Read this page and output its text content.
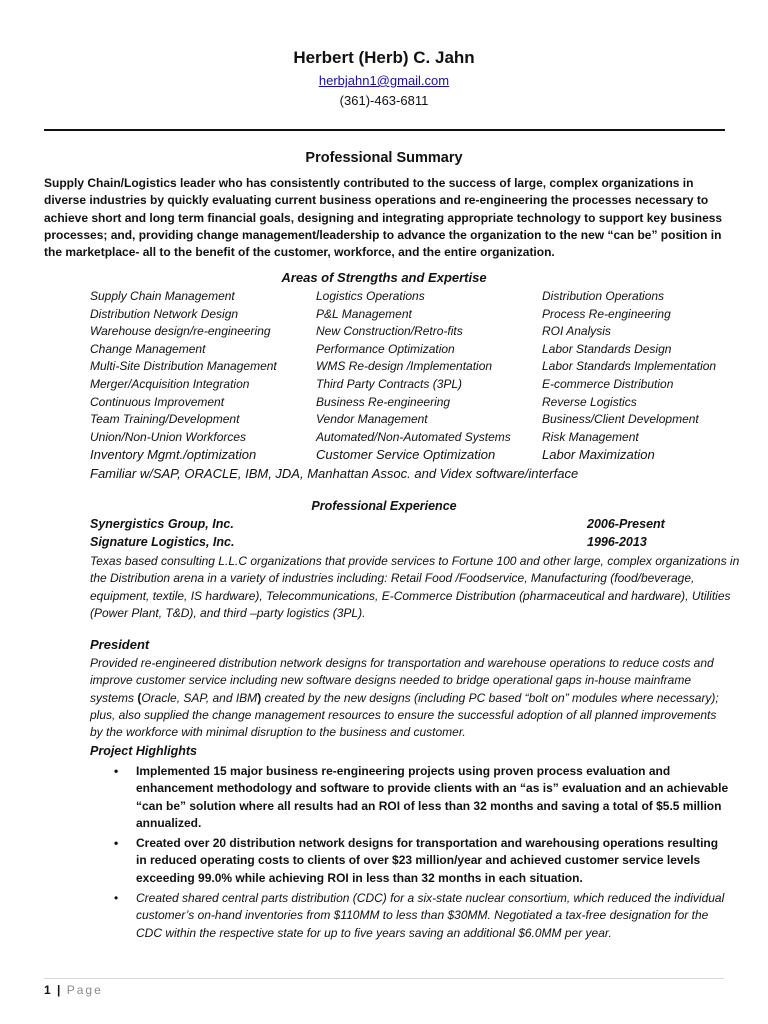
Herbert (Herb) C. Jahn
herbjahn1@gmail.com
(361)-463-6811
Professional Summary

Supply Chain/Logistics leader who has consistently contributed to the success of large, complex organizations in diverse industries by quickly evaluating current business operations and re-engineering the processes necessary to achieve short and long term financial goals, designing and integrating appropriate technology to support key business processes; and, providing change management/leadership to advance the organization to the new “can be” position in the marketplace- all to the benefit of the customer, workforce, and the entire organization.

Areas of Strengths and Expertise
Supply Chain Management	Logistics Operations	Distribution Operations
Distribution Network Design	P&L Management	Process Re-engineering
Warehouse design/re-engineering	New Construction/Retro-fits	ROI Analysis
Change Management	Performance Optimization	Labor Standards Design
Multi-Site Distribution Management	WMS Re-design /Implementation	Labor Standards Implementation
Merger/Acquisition Integration	Third Party Contracts (3PL)	E-commerce Distribution
Continuous Improvement	Business Re-engineering	Reverse Logistics
Team Training/Development	Vendor Management	Business/Client Development
Union/Non-Union Workforces	Automated/Non-Automated Systems	Risk Management
Inventory Mgmt./optimization	Customer Service Optimization	Labor Maximization
Familiar w/SAP, ORACLE, IBM, JDA, Manhattan Assoc. and Videx software/interface
Professional Experience
Synergistics Group, Inc.	2006-Present
Signature Logistics, Inc.	1996-2013

Texas based consulting L.L.C organizations that provide services to Fortune 100 and other large, complex organizations in the Distribution arena in a variety of industries including: Retail Food /Foodservice, Manufacturing (food/beverage, equipment, textile, IS hardware), Telecommunications, E-Commerce Distribution (pharmaceutical and hardware), Utilities (Power Plant, T&D), and third –party logistics (3PL).

President

Provided re-engineered distribution network designs for transportation and warehouse operations to reduce costs and improve customer service including new software designs needed to bridge operational gaps in-house mainframe systems (Oracle, SAP, and IBM) created by the new designs (including PC based “bolt on” modules where necessary); plus, also supplied the change management resources to ensure the successful adoption of all planned improvements by the workforce with minimal disruption to the business and customer.

Project Highlights
• Implemented 15 major business re-engineering projects using proven process evaluation and enhancement methodology and software to provide clients with an “as is” evaluation and an achievable “can be” solution where all results had an ROI of less than 32 months and saving a total of $5.5 million annualized.
• Created over 20 distribution network designs for transportation and warehousing operations resulting in reduced operating costs to clients of over $23 million/year and achieved customer service levels exceeding 99.0% while achieving ROI in less than 32 months in each situation.
• Created shared central parts distribution (CDC) for a six-state nuclear consortium, which reduced the individual customer’s on-hand inventories from $110MM to less than $30MM. Negotiated a tax-free designation for the CDC within the respective state for up to five years saving an additional $6.0MM per year.
1 | Page
